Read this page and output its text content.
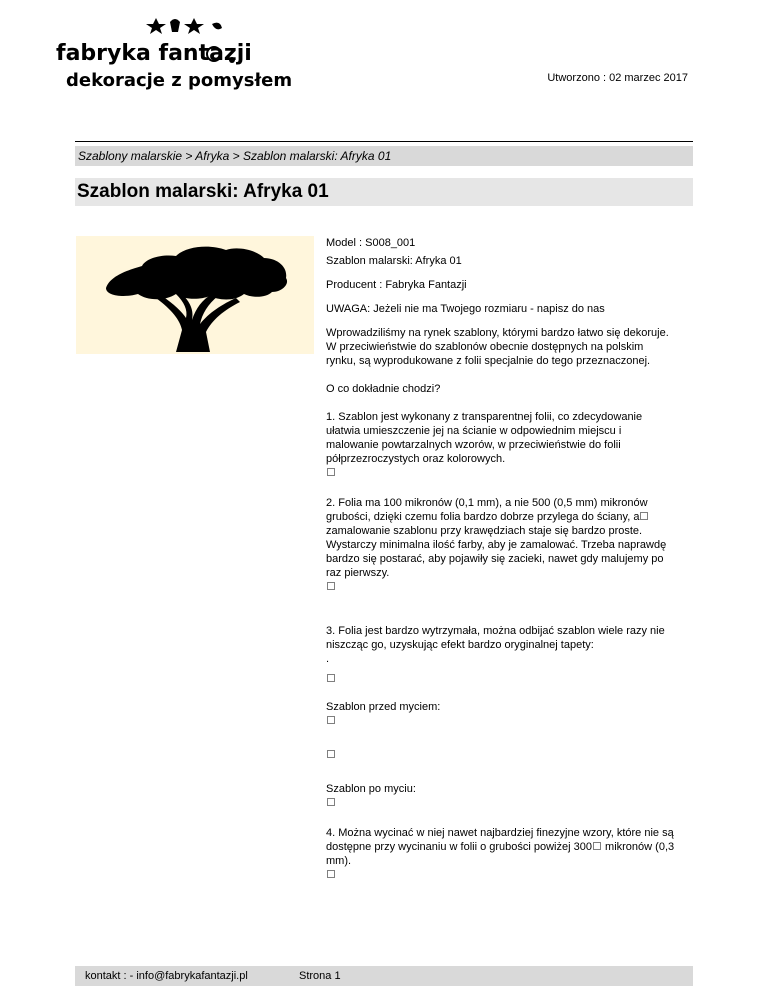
fabryka fantazji
dekoracje z pomysłem	Utworzono : 02 marzec 2017
Szablony malarskie > Afryka > Szablon malarski: Afryka 01
Szablon malarski: Afryka 01

Model : S008_001

Szablon malarski: Afryka 01

Producent : Fabryka Fantazji

UWAGA: Jeżeli nie ma Twojego rozmiaru - napisz do nas

Wprowadziliśmy na rynek szablony, którymi bardzo łatwo się dekoruje. W przeciwieństwie do szablonów obecnie dostępnych na polskim rynku, są wyprodukowane z folii specjalnie do tego przeznaczonej.

O co dokładnie chodzi?

1. Szablon jest wykonany z transparentnej folii, co zdecydowanie ułatwia umieszczenie jej na ścianie w odpowiednim miejscu i malowanie powtarzalnych wzorów, w przeciwieństwie do folii półprzezroczystych oraz kolorowych.

2. Folia ma 100 mikronów (0,1 mm), a nie 500 (0,5 mm) mikronów grubości, dzięki czemu folia bardzo dobrze przylega do ściany, a zamalowanie szablonu przy krawędziach staje się bardzo proste. Wystarczy minimalna ilość farby, aby je zamalować. Trzeba naprawdę bardzo się postarać, aby pojawiły się zacieki, nawet gdy malujemy po raz pierwszy.

3. Folia jest bardzo wytrzymała, można odbijać szablon wiele razy nie niszcząc go, uzyskując efekt bardzo oryginalnej tapety:

.

Szablon przed myciem:

Szablon po myciu:

4. Można wycinać w niej nawet najbardziej finezyjne wzory, które nie są dostępne przy wycinaniu w folii o grubości powiżej 300 mikronów (0,3 mm).

kontakt : - info@fabrykafantazji.pl	Strona 1
